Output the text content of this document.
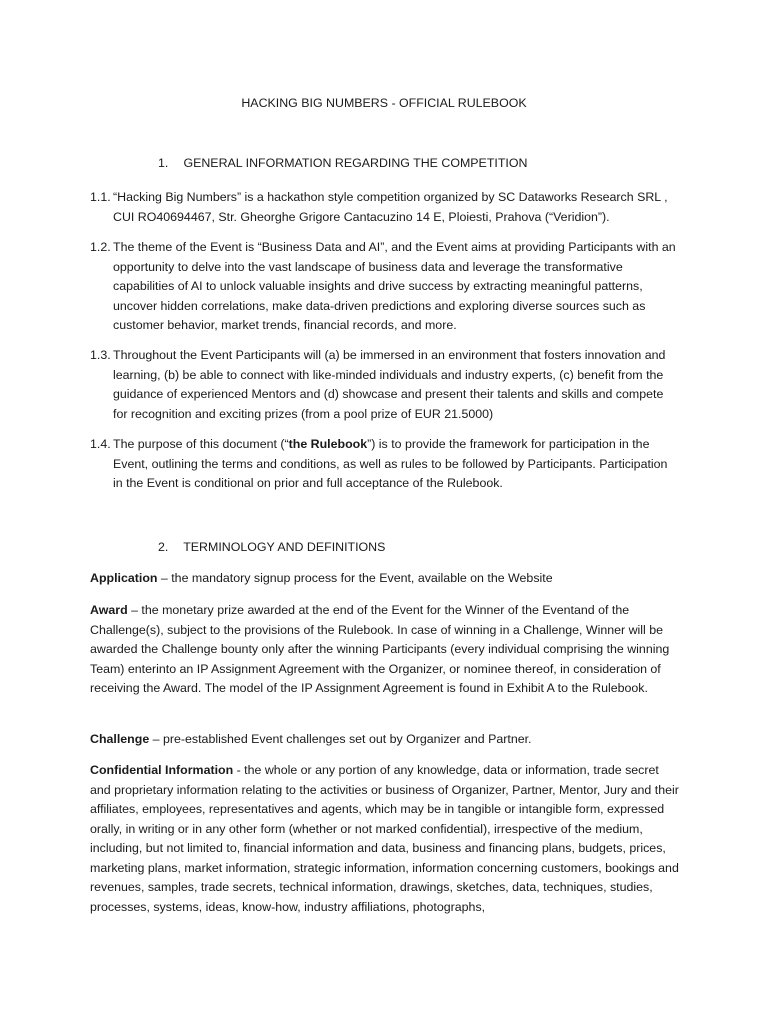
HACKING BIG NUMBERS - OFFICIAL RULEBOOK
1. GENERAL INFORMATION REGARDING THE COMPETITION
1.1. “Hacking Big Numbers” is a hackathon style competition organized by SC Dataworks Research SRL , CUI RO40694467, Str. Gheorghe Grigore Cantacuzino 14 E, Ploiesti, Prahova (“Veridion”).
1.2. The theme of the Event is “Business Data and AI”, and the Event aims at providing Participants with an opportunity to delve into the vast landscape of business data and leverage the transformative capabilities of AI to unlock valuable insights and drive success by extracting meaningful patterns, uncover hidden correlations, make data-driven predictions and exploring diverse sources such as customer behavior, market trends, financial records, and more.
1.3. Throughout the Event Participants will (a) be immersed in an environment that fosters innovation and learning, (b) be able to connect with like-minded individuals and industry experts, (c) benefit from the guidance of experienced Mentors and (d) showcase and present their talents and skills and compete for recognition and exciting prizes (from a pool prize of EUR 21.5000)
1.4. The purpose of this document (“the Rulebook”) is to provide the framework for participation in the Event, outlining the terms and conditions, as well as rules to be followed by Participants. Participation in the Event is conditional on prior and full acceptance of the Rulebook.
2. TERMINOLOGY AND DEFINITIONS
Application – the mandatory signup process for the Event, available on the Website
Award – the monetary prize awarded at the end of the Event for the Winner of the Eventand of the Challenge(s), subject to the provisions of the Rulebook. In case of winning in a Challenge, Winner will be awarded the Challenge bounty only after the winning Participants (every individual comprising the winning Team) enterinto an IP Assignment Agreement with the Organizer, or nominee thereof, in consideration of receiving the Award. The model of the IP Assignment Agreement is found in Exhibit A to the Rulebook.
Challenge – pre-established Event challenges set out by Organizer and Partner.
Confidential Information - the whole or any portion of any knowledge, data or information, trade secret and proprietary information relating to the activities or business of Organizer, Partner, Mentor, Jury and their affiliates, employees, representatives and agents, which may be in tangible or intangible form, expressed orally, in writing or in any other form (whether or not marked confidential), irrespective of the medium, including, but not limited to, financial information and data, business and financing plans, budgets, prices, marketing plans, market information, strategic information, information concerning customers, bookings and revenues, samples, trade secrets, technical information, drawings, sketches, data, techniques, studies, processes, systems, ideas, know-how, industry affiliations, photographs,
